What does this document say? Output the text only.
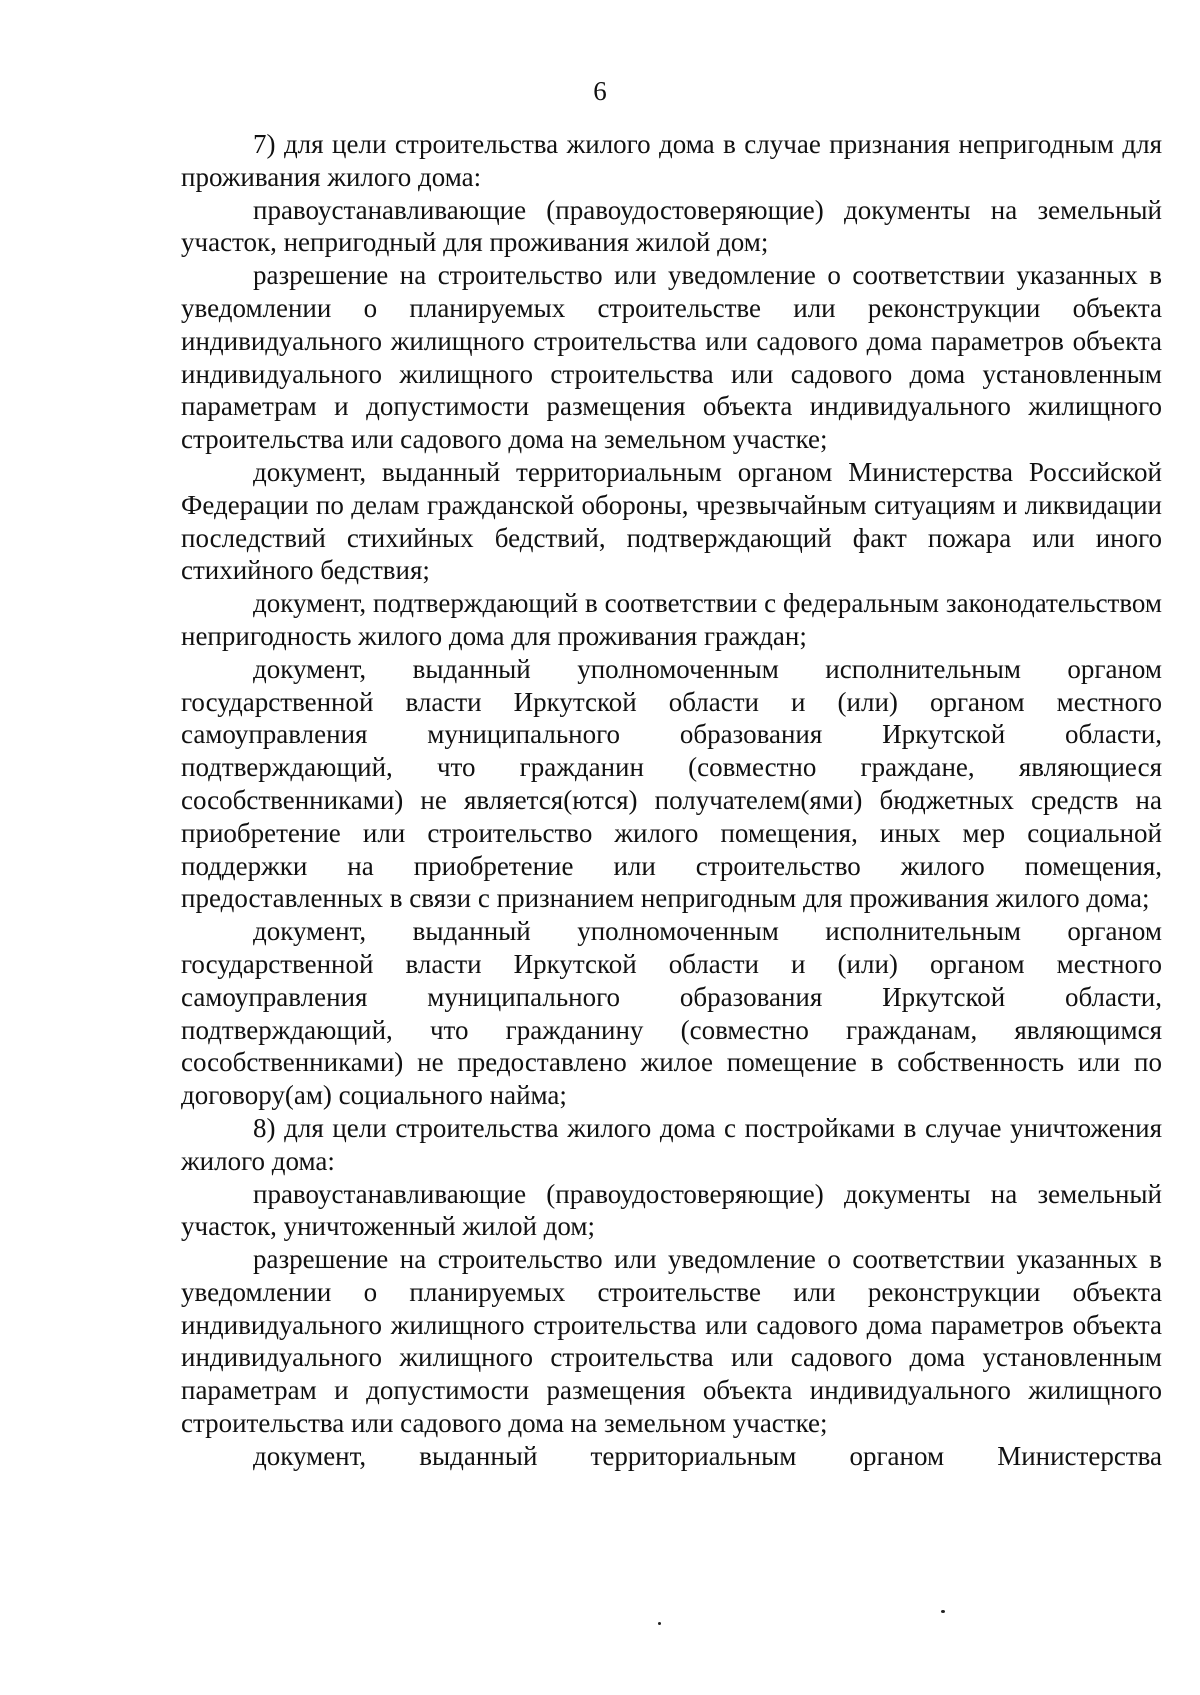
6

7) для цели строительства жилого дома в случае признания непригодным для проживания жилого дома:

правоустанавливающие (правоудостоверяющие) документы на земельный участок, непригодный для проживания жилой дом;

разрешение на строительство или уведомление о соответствии указанных в уведомлении о планируемых строительстве или реконструкции объекта индивидуального жилищного строительства или садового дома параметров объекта индивидуального жилищного строительства или садового дома установленным параметрам и допустимости размещения объекта индивидуального жилищного строительства или садового дома на земельном участке;

документ, выданный территориальным органом Министерства Российской Федерации по делам гражданской обороны, чрезвычайным ситуациям и ликвидации последствий стихийных бедствий, подтверждающий факт пожара или иного стихийного бедствия;

документ, подтверждающий в соответствии с федеральным законодательством непригодность жилого дома для проживания граждан;

документ, выданный уполномоченным исполнительным органом государственной власти Иркутской области и (или) органом местного самоуправления муниципального образования Иркутской области, подтверждающий, что гражданин (совместно граждане, являющиеся сособственниками) не является(ются) получателем(ями) бюджетных средств на приобретение или строительство жилого помещения, иных мер социальной поддержки на приобретение или строительство жилого помещения, предоставленных в связи с признанием непригодным для проживания жилого дома;

документ, выданный уполномоченным исполнительным органом государственной власти Иркутской области и (или) органом местного самоуправления муниципального образования Иркутской области, подтверждающий, что гражданину (совместно гражданам, являющимся сособственниками) не предоставлено жилое помещение в собственность или по договору(ам) социального найма;

8) для цели строительства жилого дома с постройками в случае уничтожения жилого дома:

правоустанавливающие (правоудостоверяющие) документы на земельный участок, уничтоженный жилой дом;

разрешение на строительство или уведомление о соответствии указанных в уведомлении о планируемых строительстве или реконструкции объекта индивидуального жилищного строительства или садового дома параметров объекта индивидуального жилищного строительства или садового дома установленным параметрам и допустимости размещения объекта индивидуального жилищного строительства или садового дома на земельном участке;

документ, выданный территориальным органом Министерства
